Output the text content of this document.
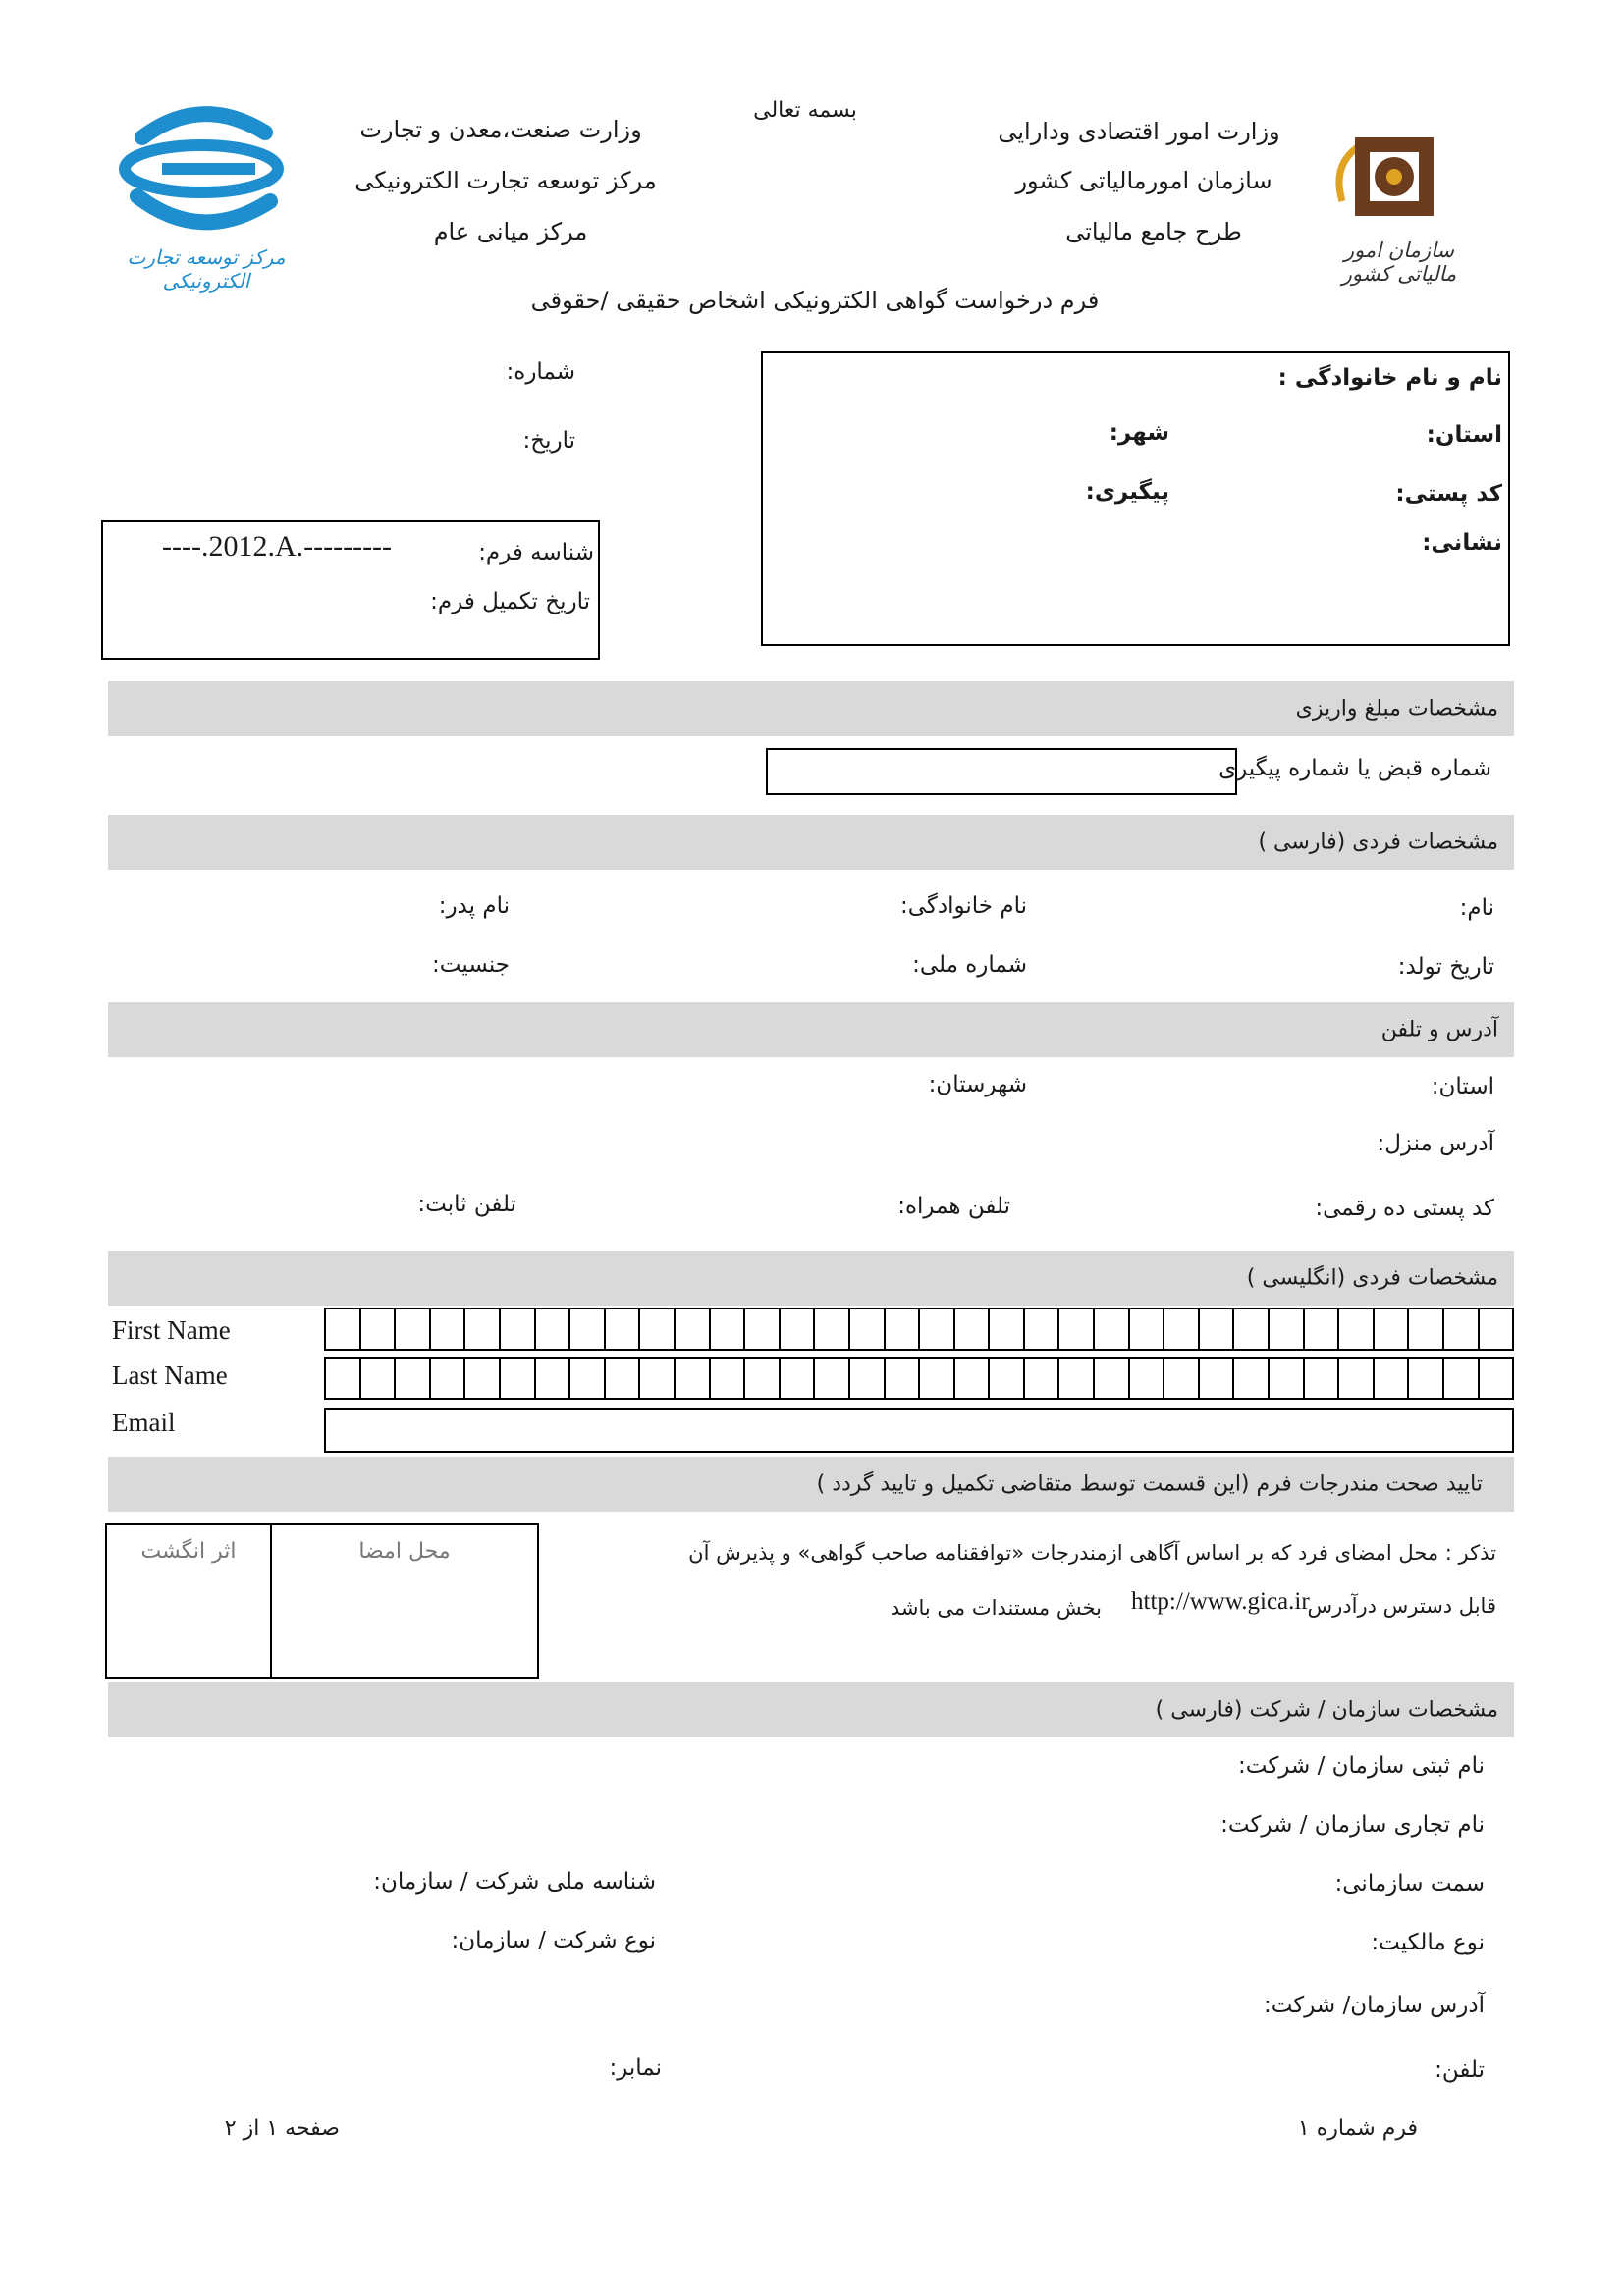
مرکز توسعه تجارت الکترونیکی
سازمان امور مالیاتی کشور
بسمه تعالی
وزارت صنعت،معدن و تجارت
مرکز توسعه تجارت الکترونیکی
مرکز میانی عام
وزارت امور اقتصادی ودارایی
سازمان امورمالیاتی کشور
طرح جامع مالیاتی
فرم درخواست گواهی الکترونیکی اشخاص حقیقی /حقوقی
شماره:
تاریخ:
شناسه فرم:
----.2012.A.---------
تاریخ تکمیل فرم:
نام و نام خانوادگی :
استان:
شهر:
کد پستی:
پیگیری:
نشانی:
مشخصات مبلغ واریزی
شماره قبض یا شماره پیگیری
مشخصات فردی (فارسی )
نام:
نام خانوادگی:
نام پدر:
تاریخ تولد:
شماره ملی:
جنسیت:
آدرس و تلفن
استان:
شهرستان:
آدرس منزل:
کد پستی ده رقمی:
تلفن همراه:
تلفن ثابت:
مشخصات فردی (انگلیسی )
First Name
Last Name
Email
تایید صحت مندرجات فرم (این قسمت توسط متقاضی تکمیل و تایید گردد )
اثر انگشت	محل امضا	تذکر : محل امضای فرد که بر اساس آگاهی ازمندرجات «توافقنامه صاحب گواهی» و پذیرش آن
قابل دسترس درآدرس
http://www.gica.ir
بخش مستندات می باشد
مشخصات سازمان / شرکت (فارسی )
نام ثبتی سازمان / شرکت:
نام تجاری سازمان / شرکت:
سمت سازمانی:
شناسه ملی شرکت / سازمان:
نوع مالکیت:
نوع شرکت / سازمان:
آدرس سازمان/ شرکت:
تلفن:
نمابر:
فرم شماره ۱
صفحه ۱ از ۲
